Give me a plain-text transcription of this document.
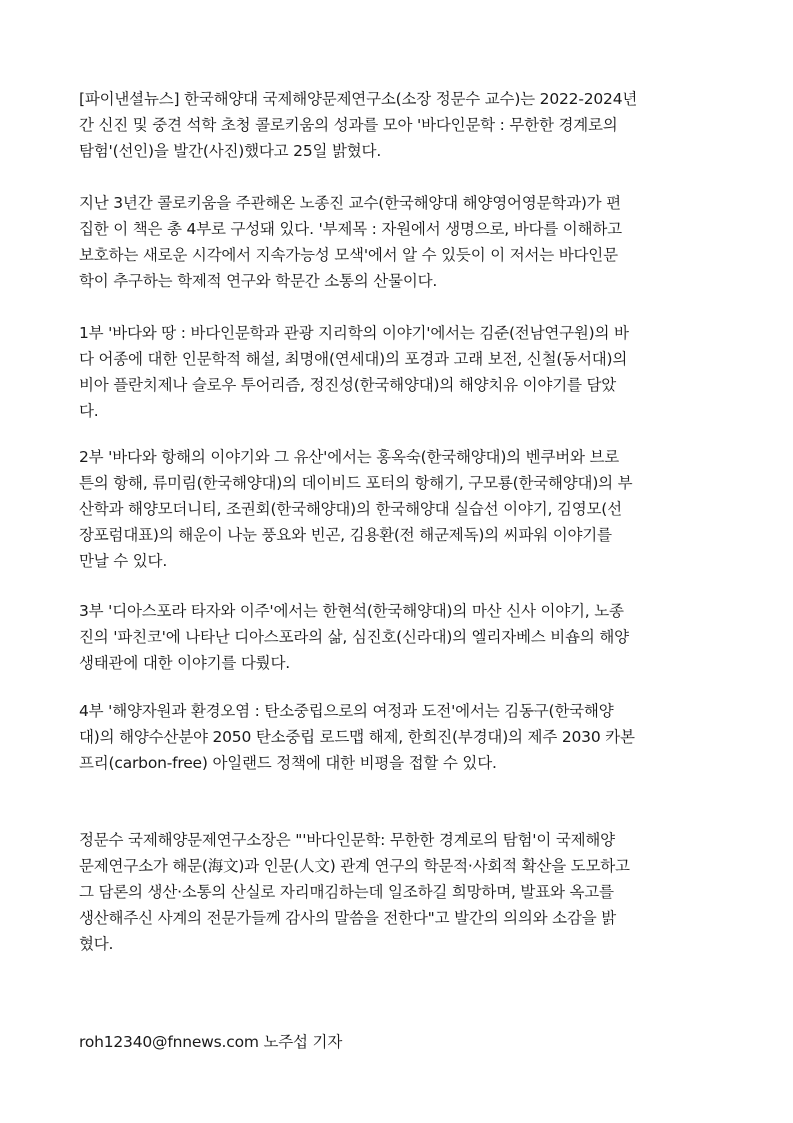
[파이낸셜뉴스] 한국해양대 국제해양문제연구소(소장 정문수 교수)는 2022-2024년
간 신진 및 중견 석학 초청 콜로키움의 성과를 모아 '바다인문학 : 무한한 경계로의
탐험'(선인)을 발간(사진)했다고 25일 밝혔다.

지난 3년간 콜로키움을 주관해온 노종진 교수(한국해양대 해양영어영문학과)가 편
집한 이 책은 총 4부로 구성돼 있다. '부제목 : 자원에서 생명으로, 바다를 이해하고
보호하는 새로운 시각에서 지속가능성 모색'에서 알 수 있듯이 이 저서는 바다인문
학이 추구하는 학제적 연구와 학문간 소통의 산물이다.

1부 '바다와 땅 : 바다인문학과 관광 지리학의 이야기'에서는 김준(전남연구원)의 바
다 어종에 대한 인문학적 해설, 최명애(연세대)의 포경과 고래 보전, 신철(동서대)의
비아 플란치제나 슬로우 투어리즘, 정진성(한국해양대)의 해양치유 이야기를 담았
다.

2부 '바다와 항해의 이야기와 그 유산'에서는 홍옥숙(한국해양대)의 벤쿠버와 브로
튼의 항해, 류미림(한국해양대)의 데이비드 포터의 항해기, 구모룡(한국해양대)의 부
산학과 해양모더니티, 조권회(한국해양대)의 한국해양대 실습선 이야기, 김영모(선
장포럼대표)의 해운이 나눈 풍요와 빈곤, 김용환(전 해군제독)의 씨파워 이야기를
만날 수 있다.

3부 '디아스포라 타자와 이주'에서는 한현석(한국해양대)의 마산 신사 이야기, 노종
진의 '파친코'에 나타난 디아스포라의 삶, 심진호(신라대)의 엘리자베스 비숍의 해양
생태관에 대한 이야기를 다뤘다.

4부 '해양자원과 환경오염 : 탄소중립으로의 여정과 도전'에서는 김동구(한국해양
대)의 해양수산분야 2050 탄소중립 로드맵 해제, 한희진(부경대)의 제주 2030 카본
프리(carbon-free) 아일랜드 정책에 대한 비평을 접할 수 있다.

정문수 국제해양문제연구소장은 "'바다인문학: 무한한 경계로의 탐험'이 국제해양
문제연구소가 해문(海文)과 인문(人文) 관계 연구의 학문적·사회적 확산을 도모하고
그 담론의 생산·소통의 산실로 자리매김하는데 일조하길 희망하며, 발표와 옥고를
생산해주신 사계의 전문가들께 감사의 말씀을 전한다"고 발간의 의의와 소감을 밝
혔다.

roh12340@fnnews.com 노주섭 기자
